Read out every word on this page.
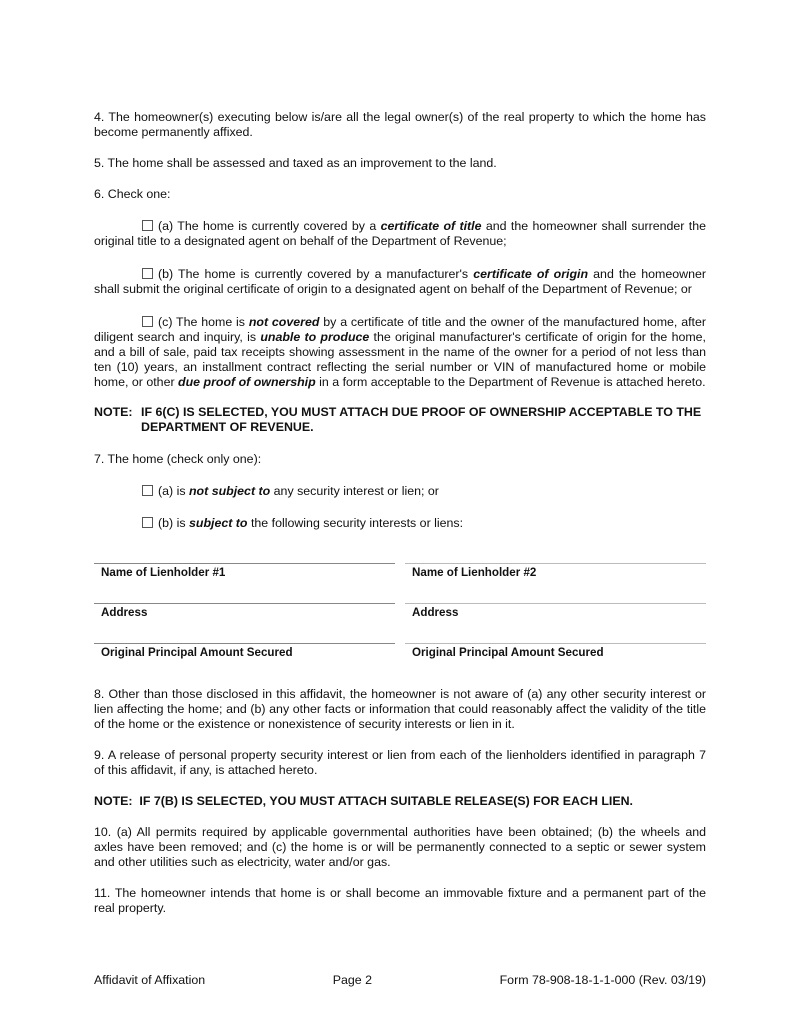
4. The homeowner(s) executing below is/are all the legal owner(s) of the real property to which the home has become permanently affixed.

5. The home shall be assessed and taxed as an improvement to the land.

6. Check one:

(a) The home is currently covered by a certificate of title and the homeowner shall surrender the original title to a designated agent on behalf of the Department of Revenue;

(b) The home is currently covered by a manufacturer's certificate of origin and the homeowner shall submit the original certificate of origin to a designated agent on behalf of the Department of Revenue; or

(c) The home is not covered by a certificate of title and the owner of the manufactured home, after diligent search and inquiry, is unable to produce the original manufacturer's certificate of origin for the home, and a bill of sale, paid tax receipts showing assessment in the name of the owner for a period of not less than ten (10) years, an installment contract reflecting the serial number or VIN of manufactured home or mobile home, or other due proof of ownership in a form acceptable to the Department of Revenue is attached hereto.

NOTE: IF 6(C) IS SELECTED, YOU MUST ATTACH DUE PROOF OF OWNERSHIP ACCEPTABLE TO THE DEPARTMENT OF REVENUE.

7. The home (check only one):

(a) is not subject to any security interest or lien; or

(b) is subject to the following security interests or liens:

Name of Lienholder #1	Name of Lienholder #2
Address	Address
Original Principal Amount Secured	Original Principal Amount Secured

8. Other than those disclosed in this affidavit, the homeowner is not aware of (a) any other security interest or lien affecting the home; and (b) any other facts or information that could reasonably affect the validity of the title of the home or the existence or nonexistence of security interests or lien in it.

9. A release of personal property security interest or lien from each of the lienholders identified in paragraph 7 of this affidavit, if any, is attached hereto.

NOTE:  IF 7(B) IS SELECTED, YOU MUST ATTACH SUITABLE RELEASE(S) FOR EACH LIEN.

10. (a) All permits required by applicable governmental authorities have been obtained; (b) the wheels and axles have been removed; and (c) the home is or will be permanently connected to a septic or sewer system and other utilities such as electricity, water and/or gas.

11. The homeowner intends that home is or shall become an immovable fixture and a permanent part of the real property.

Affidavit of Affixation	Page 2	Form 78-908-18-1-1-000 (Rev. 03/19)
